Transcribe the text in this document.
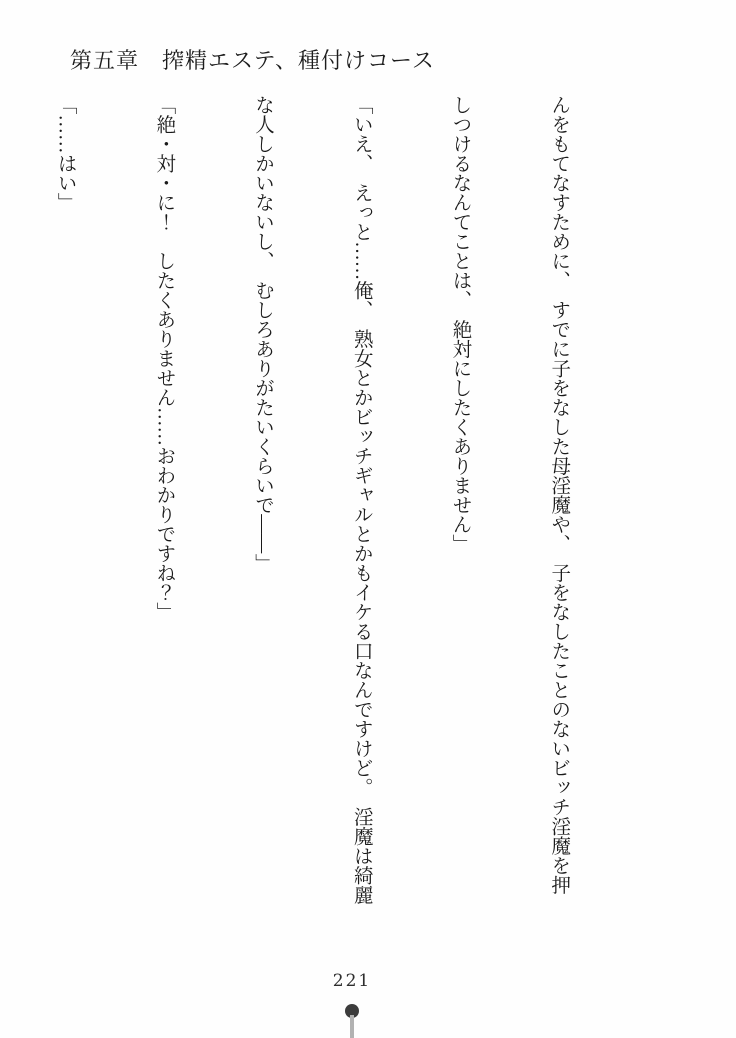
第五章　搾精エステ、種付けコース

んをもてなすために、　すでに子をなした母淫魔や、　子をなしたことのないビッチ淫魔を押

しつけるなんてことは、　絶対にしたくありません」

「いえ、　えっと……俺、　熟女とかビッチギャルとかもイケる口なんですけど。　淫魔は綺麗

な人しかいないし、　むしろありがたいくらいで――」

「絶・対・に！　したくありません……おわかりですね？」

「……はい」

221
